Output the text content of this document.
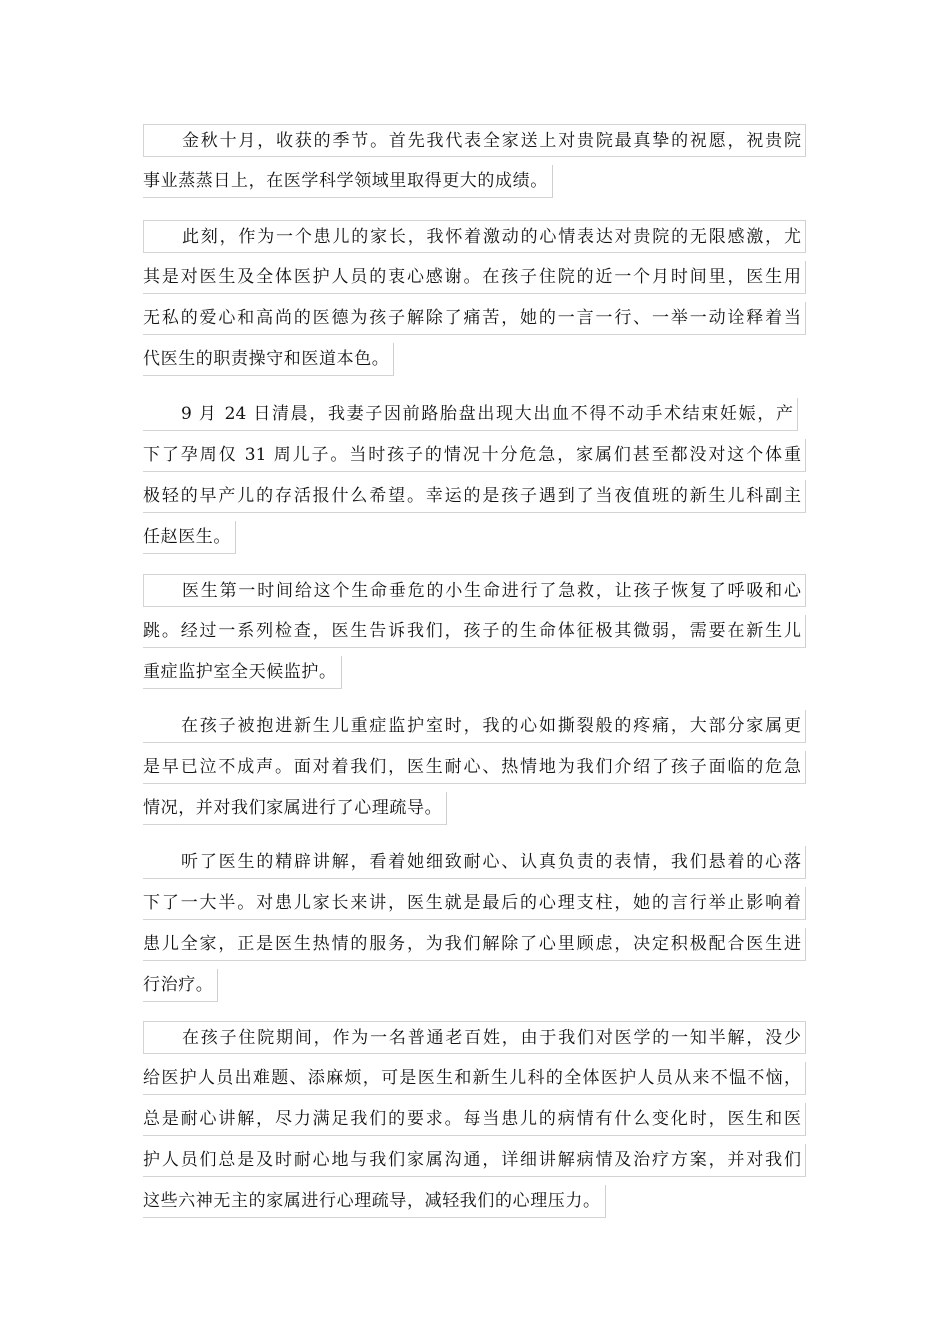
金秋十月，收获的季节。首先我代表全家送上对贵院最真挚的祝愿，祝贵院
事业蒸蒸日上，在医学科学领域里取得更大的成绩。
此刻，作为一个患儿的家长，我怀着激动的心情表达对贵院的无限感激，尤
其是对医生及全体医护人员的衷心感谢。在孩子住院的近一个月时间里，医生用
无私的爱心和高尚的医德为孩子解除了痛苦，她的一言一行、一举一动诠释着当
代医生的职责操守和医道本色。
9 月 24 日清晨，我妻子因前路胎盘出现大出血不得不动手术结束妊娠，产
下了孕周仅 31 周儿子。当时孩子的情况十分危急，家属们甚至都没对这个体重
极轻的早产儿的存活报什么希望。幸运的是孩子遇到了当夜值班的新生儿科副主
任赵医生。
医生第一时间给这个生命垂危的小生命进行了急救，让孩子恢复了呼吸和心
跳。经过一系列检查，医生告诉我们，孩子的生命体征极其微弱，需要在新生儿
重症监护室全天候监护。
在孩子被抱进新生儿重症监护室时，我的心如撕裂般的疼痛，大部分家属更
是早已泣不成声。面对着我们，医生耐心、热情地为我们介绍了孩子面临的危急
情况，并对我们家属进行了心理疏导。
听了医生的精辟讲解，看着她细致耐心、认真负责的表情，我们悬着的心落
下了一大半。对患儿家长来讲，医生就是最后的心理支柱，她的言行举止影响着
患儿全家，正是医生热情的服务，为我们解除了心里顾虑，决定积极配合医生进
行治疗。
在孩子住院期间，作为一名普通老百姓，由于我们对医学的一知半解，没少
给医护人员出难题、添麻烦，可是医生和新生儿科的全体医护人员从来不愠不恼，
总是耐心讲解，尽力满足我们的要求。每当患儿的病情有什么变化时，医生和医
护人员们总是及时耐心地与我们家属沟通，详细讲解病情及治疗方案，并对我们
这些六神无主的家属进行心理疏导，减轻我们的心理压力。
